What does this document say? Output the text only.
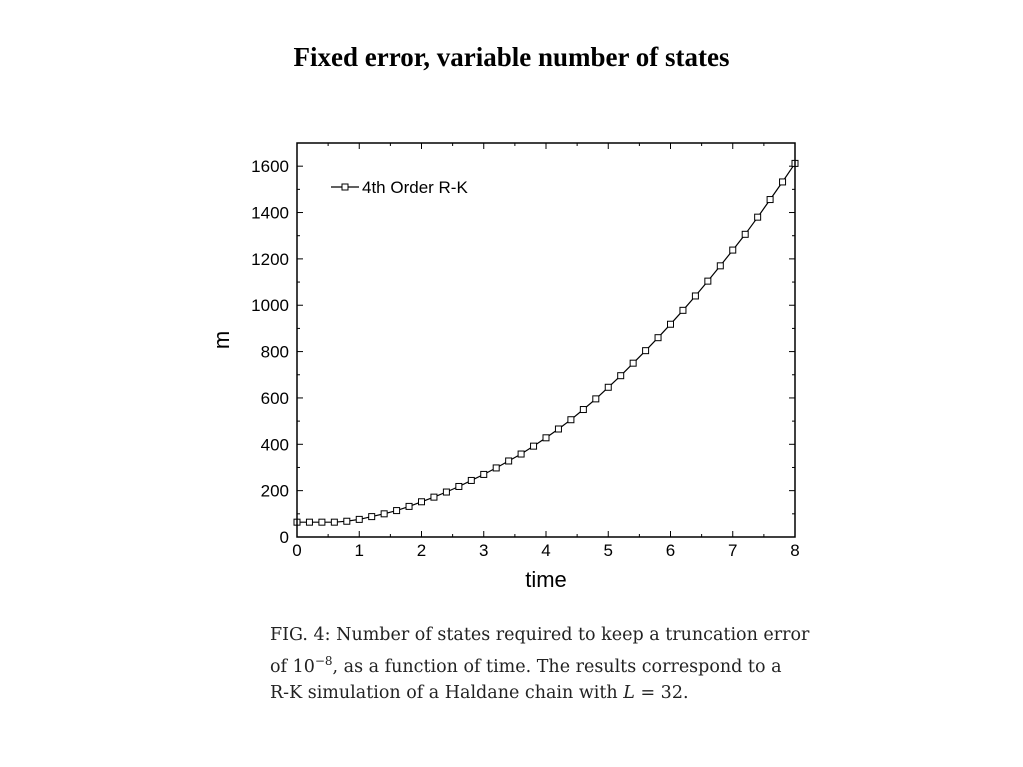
Fixed error, variable number of states
0	1	2	3	4	5	6	7	8
0
200
400
600
800
1000
1200
1400
1600
time
m
4th Order R-K

FIG. 4: Number of states required to keep a truncation error

of $10^{-8}$, as a function of time. The results correspond to a

R-K simulation of a Haldane chain with L = 32.
